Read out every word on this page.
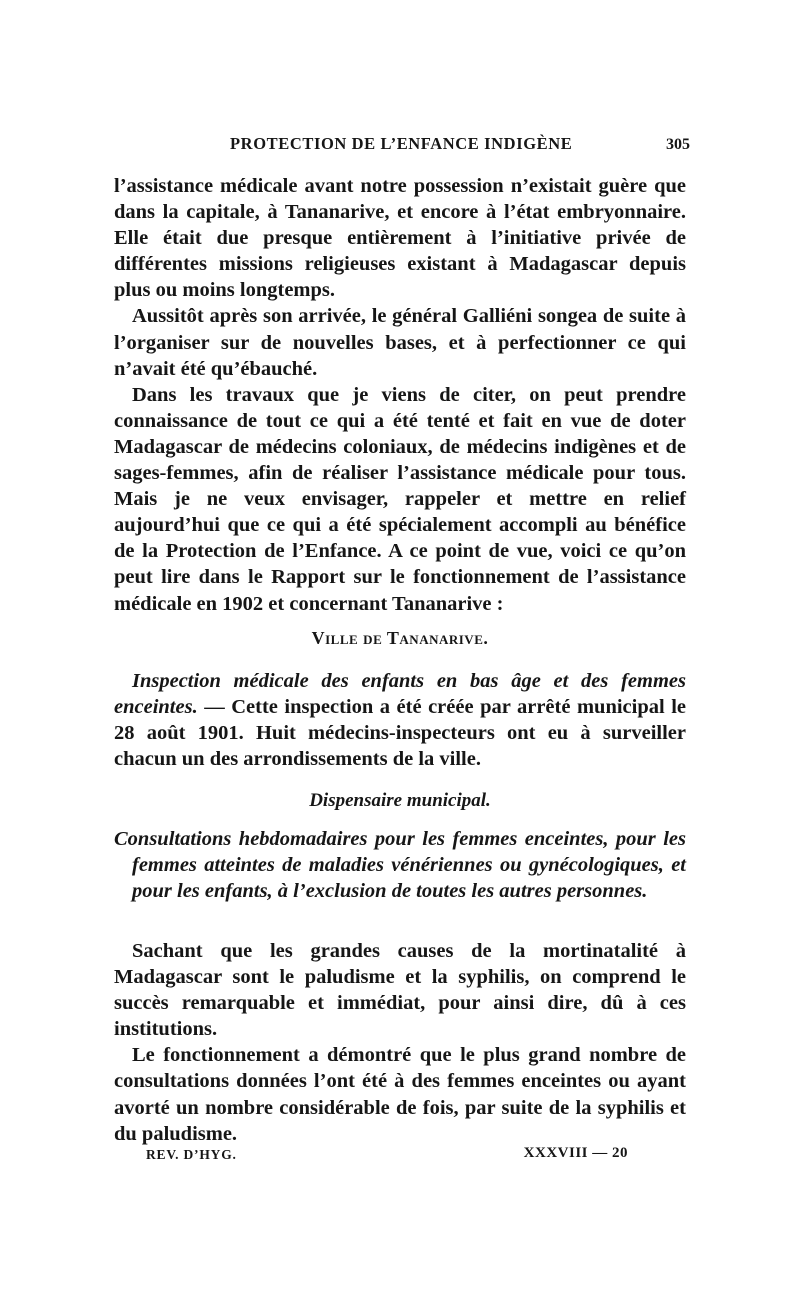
PROTECTION DE L’ENFANCE INDIGÈNE	305

l’assistance médicale avant notre possession n’existait guère que dans la capitale, à Tananarive, et encore à l’état embryonnaire. Elle était due presque entièrement à l’initiative privée de différentes missions religieuses existant à Madagascar depuis plus ou moins longtemps.

Aussitôt après son arrivée, le général Galliéni songea de suite à l’organiser sur de nouvelles bases, et à perfectionner ce qui n’avait été qu’ébauché.

Dans les travaux que je viens de citer, on peut prendre connaissance de tout ce qui a été tenté et fait en vue de doter Madagascar de médecins coloniaux, de médecins indigènes et de sages-femmes, afin de réaliser l’assistance médicale pour tous. Mais je ne veux envisager, rappeler et mettre en relief aujourd’hui que ce qui a été spécialement accompli au bénéfice de la Protection de l’Enfance. A ce point de vue, voici ce qu’on peut lire dans le Rapport sur le fonctionnement de l’assistance médicale en 1902 et concernant Tananarive :

Ville de Tananarive.

Inspection médicale des enfants en bas âge et des femmes enceintes. — Cette inspection a été créée par arrêté municipal le 28 août 1901. Huit médecins-inspecteurs ont eu à surveiller chacun un des arrondissements de la ville.

Dispensaire municipal.

Consultations hebdomadaires pour les femmes enceintes, pour les femmes atteintes de maladies vénériennes ou gynécologiques, et pour les enfants, à l’exclusion de toutes les autres personnes.

Sachant que les grandes causes de la mortinatalité à Madagascar sont le paludisme et la syphilis, on comprend le succès remarquable et immédiat, pour ainsi dire, dû à ces institutions.

Le fonctionnement a démontré que le plus grand nombre de consultations données l’ont été à des femmes enceintes ou ayant avorté un nombre considérable de fois, par suite de la syphilis et du paludisme.

REV. D’HYG.	XXXVIII — 20
